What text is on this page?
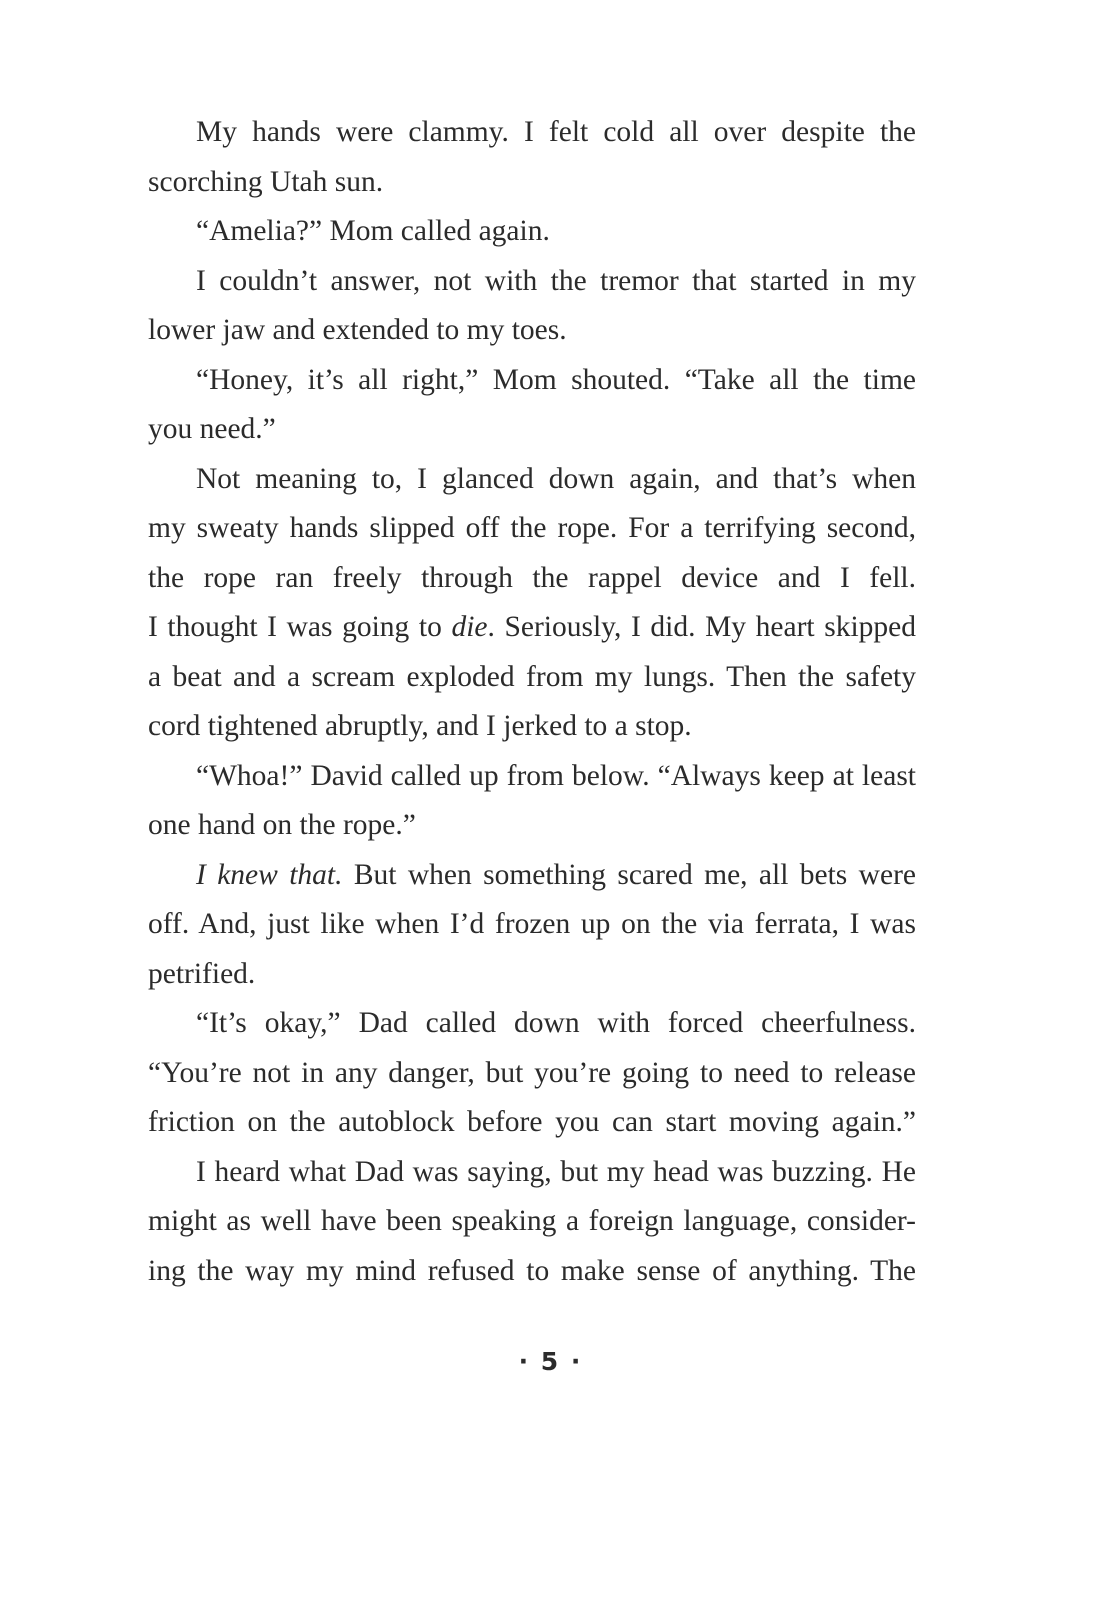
My hands were clammy. I felt cold all over despite the
scorching Utah sun.
“Amelia?” Mom called again.
I couldn’t answer, not with the tremor that started in my
lower jaw and extended to my toes.
“Honey, it’s all right,” Mom shouted. “Take all the time
you need.”
Not meaning to, I glanced down again, and that’s when
my sweaty hands slipped off the rope. For a terrifying second,
the rope ran freely through the rappel device and I fell.
I thought I was going to die. Seriously, I did. My heart skipped
a beat and a scream exploded from my lungs. Then the safety
cord tightened abruptly, and I jerked to a stop.
“Whoa!” David called up from below. “Always keep at least
one hand on the rope.”
I knew that. But when something scared me, all bets were
off. And, just like when I’d frozen up on the via ferrata, I was
petrified.
“It’s okay,” Dad called down with forced cheerfulness.
“You’re not in any danger, but you’re going to need to release
friction on the autoblock before you can start moving again.”
I heard what Dad was saying, but my head was buzzing. He
might as well have been speaking a foreign language, consider-
ing the way my mind refused to make sense of anything. The
· 5 ·
